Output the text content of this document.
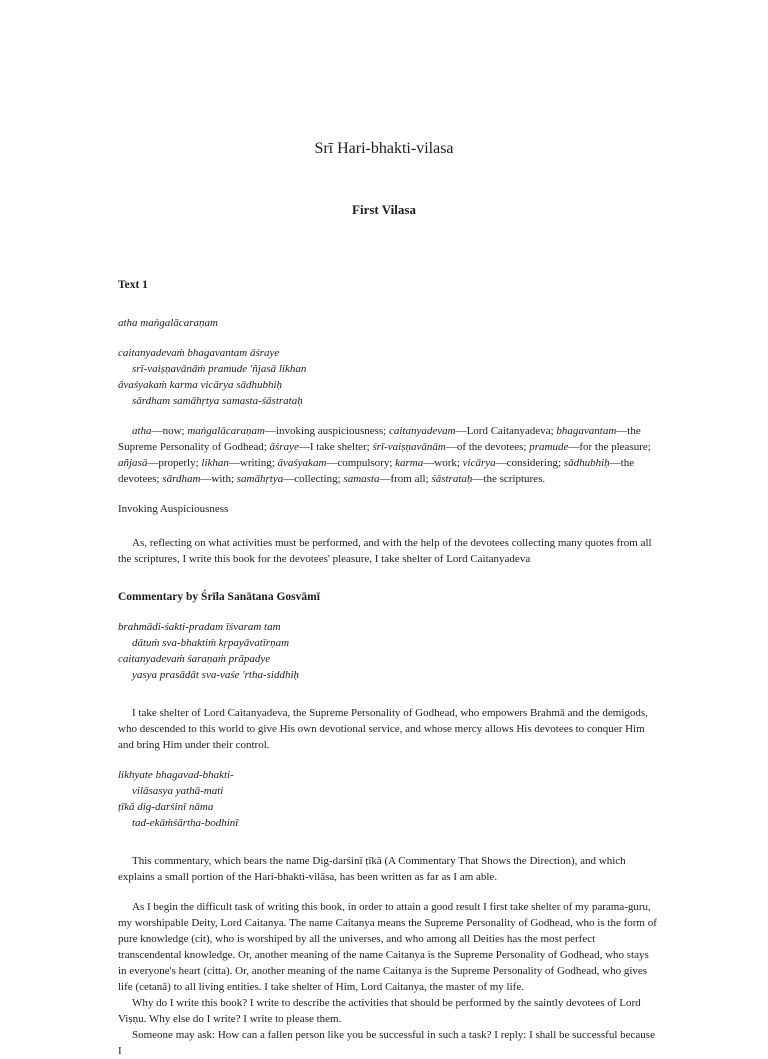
Srī Hari-bhakti-vilasa
First Vilasa

Text 1

atha maṅgalācaraṇam

caitanyadevaṁ bhagavantam āśraye
srī-vaiṣṇavānāṁ pramude 'ñjasā likhan
āvaśyakaṁ karma vicārya sādhubhiḥ
sārdham samāhṛtya samasta-śāstrataḥ

atha—now; maṅgalācaraṇam—invoking auspiciousness; caitanyadevam—Lord Caitanyadeva; bhagavantam—the Supreme Personality of Godhead; āśraye—I take shelter; śrī-vaiṣṇavānām—of the devotees; pramude—for the pleasure; añjasā—properly; likhan—writing; āvaśyakam—compulsory; karma—work; vicārya—considering; sādhubhiḥ—the devotees; sārdham—with; samāhṛtya—collecting; samasta—from all; śāstrataḥ—the scriptures.

Invoking Auspiciousness

As, reflecting on what activities must be performed, and with the help of the devotees collecting many quotes from all the scriptures, I write this book for the devotees' pleasure, I take shelter of Lord Caitanyadeva

Commentary by Śrīla Sanātana Gosvāmī

brahmādi-śakti-pradam īśvaram tam
dātuṁ sva-bhaktiṁ kṛpayāvatīrṇam
caitanyadevaṁ śaraṇaṁ prāpadye
yasya prasādāt sva-vaśe 'rtha-siddhiḥ

I take shelter of Lord Caitanyadeva, the Supreme Personality of Godhead, who empowers Brahmā and the demigods, who descended to this world to give His own devotional service, and whose mercy allows His devotees to conquer Him and bring Him under their control.

likhyate bhagavad-bhakti-
vilāsasya yathā-mati
ṭīkā dig-darśinī nāma
tad-ekāṁśārtha-bodhinī

This commentary, which bears the name Dig-darśinī ṭīkā (A Commentary That Shows the Direction), and which explains a small portion of the Hari-bhakti-vilāsa, has been written as far as I am able.

As I begin the difficult task of writing this book, in order to attain a good result I first take shelter of my parama-guru, my worshipable Deity, Lord Caitanya. The name Caitanya means the Supreme Personality of Godhead, who is the form of pure knowledge (cit), who is worshiped by all the universes, and who among all Deities has the most perfect transcendental knowledge. Or, another meaning of the name Caitanya is the Supreme Personality of Godhead, who stays in everyone's heart (citta). Or, another meaning of the name Caitanya is the Supreme Personality of Godhead, who gives life (cetanā) to all living entities. I take shelter of Him, Lord Caitanya, the master of my life.

Why do I write this book? I write to describe the activities that should be performed by the saintly devotees of Lord Viṣṇu. Why else do I write? I write to please them.

Someone may ask: How can a fallen person like you be successful in such a task? I reply: I shall be successful because I
